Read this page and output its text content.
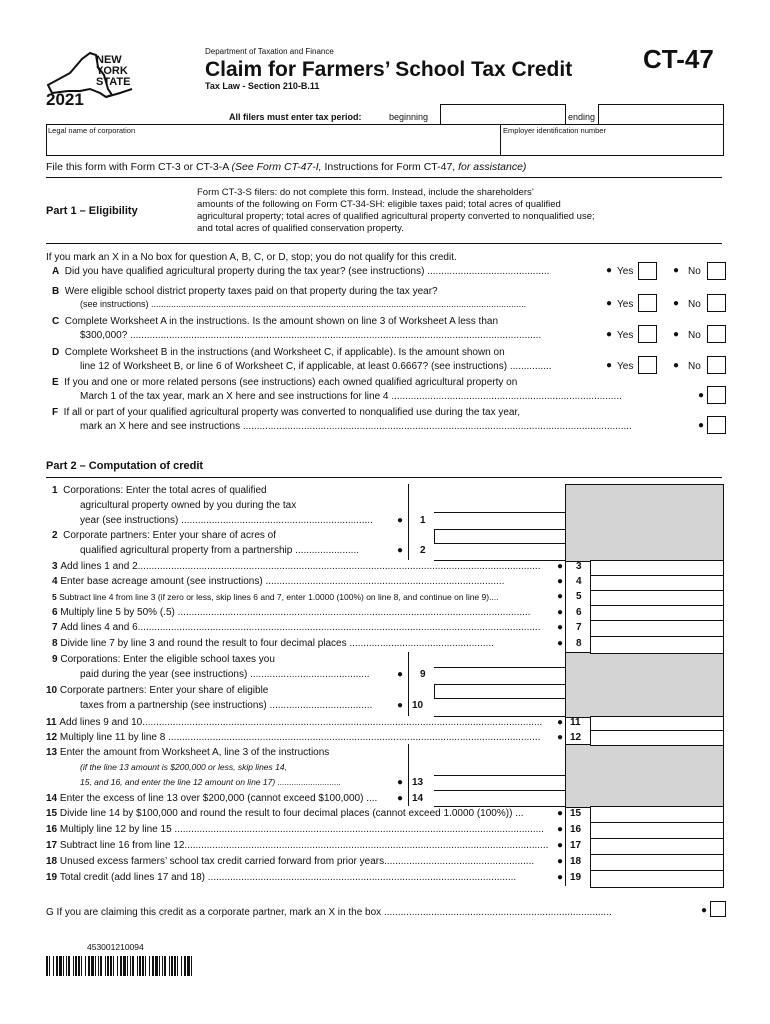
NEW
YORK
STATE
2021
Department of Taxation and Finance
Claim for Farmers’ School Tax Credit
Tax Law - Section 210-B.11
CT-47
All filers must enter tax period:	beginning	ending
Legal name of corporation	Employer identification number
File this form with Form CT-3 or CT-3-A (See Form CT-47-I, Instructions for Form CT-47, for assistance)
Part 1 – Eligibility
Form CT-3-S filers: do not complete this form. Instead, include the shareholders’
amounts of the following on Form CT-34-SH: eligible taxes paid; total acres of qualified
agricultural property; total acres of qualified agricultural property converted to nonqualified use;
and total acres of qualified conservation property.
If you mark an X in a No box for question A, B, C, or D, stop; you do not qualify for this credit.
A Did you have qualified agricultural property during the tax year? (see instructions) ............................................
B Were eligible school district property taxes paid on that property during the tax year?
(see instructions) ......................................................................................................................................................
C Complete Worksheet A in the instructions. Is the amount shown on line 3 of Worksheet A less than
$300,000? ....................................................................................................................................................
D Complete Worksheet B in the instructions (and Worksheet C, if applicable). Is the amount shown on
line 12 of Worksheet B, or line 6 of Worksheet C, if applicable, at least 0.6667? (see instructions) ...............
E If you and one or more related persons (see instructions) each owned qualified agricultural property on
March 1 of the tax year, mark an X here and see instructions for line 4 ...................................................................................
F If all or part of your qualified agricultural property was converted to nonqualified use during the tax year,
mark an X here and see instructions ............................................................................................................................................
● Yes	● No
● Yes	● No
● Yes	● No
● Yes	● No
●
●
Part 2 – Computation of credit
1 Corporations: Enter the total acres of qualified
agricultural property owned by you during the tax
year (see instructions) .....................................................................	● 1
2 Corporate partners: Enter your share of acres of
qualified agricultural property from a partnership .......................	● 2
3 Add lines 1 and 2.................................................................................................................................................	● 3
4 Enter base acreage amount (see instructions) ......................................................................................	● 4
5 Subtract line 4 from line 3 (if zero or less, skip lines 6 and 7, enter 1.0000 (100%) on line 8, and continue on line 9)....	● 5
6 Multiply line 5 by 50% (.5) ...............................................................................................................................	● 6
7 Add lines 4 and 6.................................................................................................................................................	● 7
8 Divide line 7 by line 3 and round the result to four decimal places ....................................................	● 8
9 Corporations: Enter the eligible school taxes you
paid during the year (see instructions) ...........................................	● 9
10 Corporate partners: Enter your share of eligible
taxes from a partnership (see instructions) .....................................	● 10
11 Add lines 9 and 10................................................................................................................................................	● 11
12 Multiply line 11 by line 8 ......................................................................................................................................	● 12
13 Enter the amount from Worksheet A, line 3 of the instructions
(if the line 13 amount is $200,000 or less, skip lines 14,
15, and 16, and enter the line 12 amount on line 17) ...........................	● 13
14 Enter the excess of line 13 over $200,000 (cannot exceed $100,000) ....	● 14
15 Divide line 14 by $100,000 and round the result to four decimal places (cannot exceed 1.0000 (100%)) ...	● 15
16 Multiply line 12 by line 15 .....................................................................................................................................	● 16
17 Subtract line 16 from line 12................................................................................................................................... ● 17
18 Unused excess farmers’ school tax credit carried forward from prior years......................................................	● 18
19 Total credit (add lines 17 and 18) ...............................................................................................................	● 19
G If you are claiming this credit as a corporate partner, mark an X in the box ..................................................................................	●
453001210094
